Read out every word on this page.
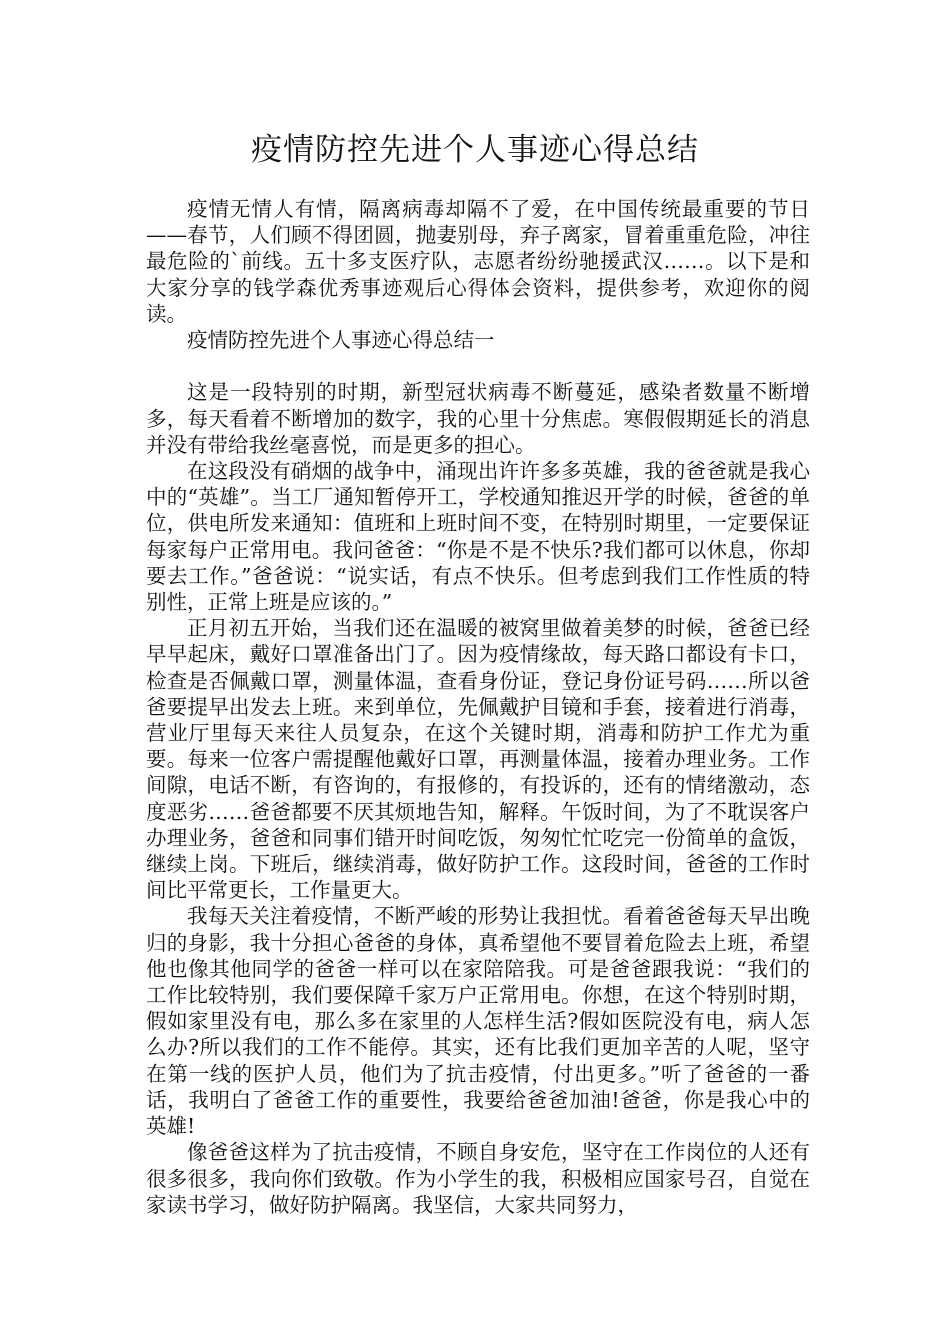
疫情防控先进个人事迹心得总结

疫情无情人有情，隔离病毒却隔不了爱，在中国传统最重要的节日——春节，人们顾不得团圆，抛妻别母，弃子离家，冒着重重危险，冲往最危险的`前线。五十多支医疗队，志愿者纷纷驰援武汉……。以下是和大家分享的钱学森优秀事迹观后心得体会资料，提供参考，欢迎你的阅读。

疫情防控先进个人事迹心得总结一

这是一段特别的时期，新型冠状病毒不断蔓延，感染者数量不断增多，每天看着不断增加的数字，我的心里十分焦虑。寒假假期延长的消息并没有带给我丝毫喜悦，而是更多的担心。

在这段没有硝烟的战争中，涌现出许许多多英雄，我的爸爸就是我心中的“英雄”。当工厂通知暂停开工，学校通知推迟开学的时候，爸爸的单位，供电所发来通知：值班和上班时间不变，在特别时期里，一定要保证每家每户正常用电。我问爸爸：“你是不是不快乐?我们都可以休息，你却要去工作。”爸爸说：“说实话，有点不快乐。但考虑到我们工作性质的特别性，正常上班是应该的。”

正月初五开始，当我们还在温暖的被窝里做着美梦的时候，爸爸已经早早起床，戴好口罩准备出门了。因为疫情缘故，每天路口都设有卡口，检查是否佩戴口罩，测量体温，查看身份证，登记身份证号码……所以爸爸要提早出发去上班。来到单位，先佩戴护目镜和手套，接着进行消毒，营业厅里每天来往人员复杂，在这个关键时期，消毒和防护工作尤为重要。每来一位客户需提醒他戴好口罩，再测量体温，接着办理业务。工作间隙，电话不断，有咨询的，有报修的，有投诉的，还有的情绪激动，态度恶劣……爸爸都要不厌其烦地告知，解释。午饭时间，为了不耽误客户办理业务，爸爸和同事们错开时间吃饭，匆匆忙忙吃完一份简单的盒饭，继续上岗。下班后，继续消毒，做好防护工作。这段时间，爸爸的工作时间比平常更长，工作量更大。

我每天关注着疫情，不断严峻的形势让我担忧。看着爸爸每天早出晚归的身影，我十分担心爸爸的身体，真希望他不要冒着危险去上班，希望他也像其他同学的爸爸一样可以在家陪陪我。可是爸爸跟我说：“我们的工作比较特别，我们要保障千家万户正常用电。你想，在这个特别时期，假如家里没有电，那么多在家里的人怎样生活?假如医院没有电，病人怎么办?所以我们的工作不能停。其实，还有比我们更加辛苦的人呢，坚守在第一线的医护人员，他们为了抗击疫情，付出更多。”听了爸爸的一番话，我明白了爸爸工作的重要性，我要给爸爸加油!爸爸，你是我心中的英雄!

像爸爸这样为了抗击疫情，不顾自身安危，坚守在工作岗位的人还有很多很多，我向你们致敬。作为小学生的我，积极相应国家号召，自觉在家读书学习，做好防护隔离。我坚信，大家共同努力，
